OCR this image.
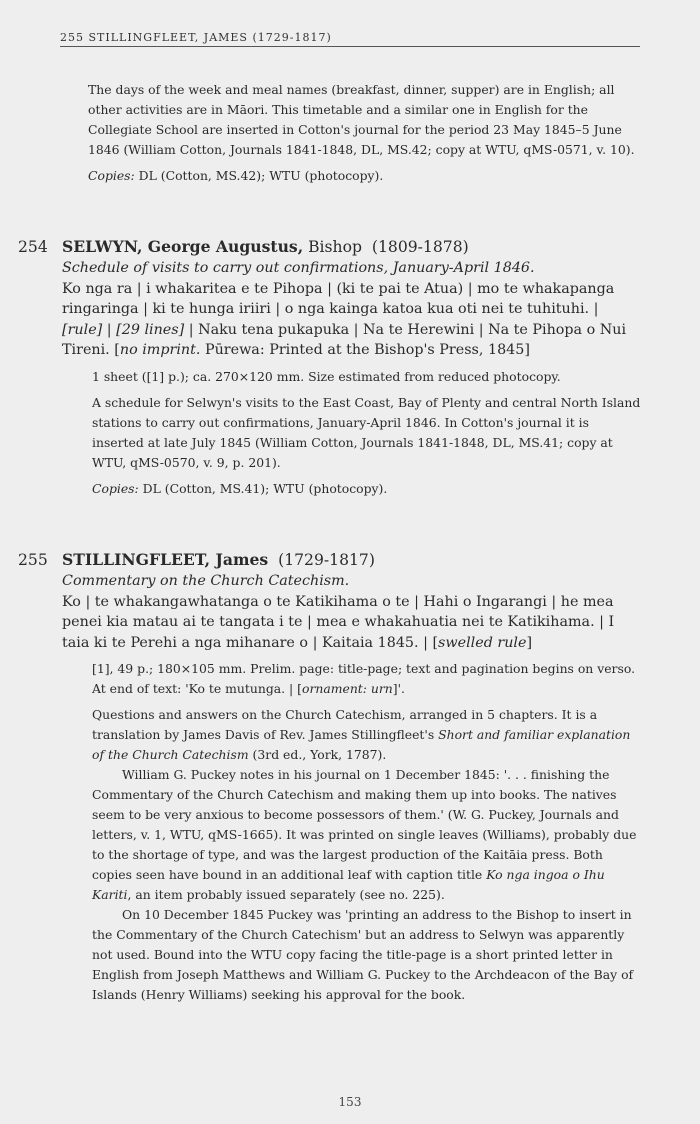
255 STILLINGFLEET, JAMES (1729-1817)

The days of the week and meal names (breakfast, dinner, supper) are in English; all other activities are in Māori. This timetable and a similar one in English for the Collegiate School are inserted in Cotton's journal for the period 23 May 1845–5 June 1846 (William Cotton, Journals 1841-1848, DL, MS.42; copy at WTU, qMS-0571, v. 10).

Copies: DL (Cotton, MS.42); WTU (photocopy).

254 SELWYN, George Augustus, Bishop (1809-1878)

Schedule of visits to carry out confirmations, January-April 1846.

Ko nga ra | i whakaritea e te Pihopa | (ki te pai te Atua) | mo te whakapanga ringaringa | ki te hunga iriiri | o nga kainga katoa kua oti nei te tuhituhi. | [rule] | [29 lines] | Naku tena pukapuka | Na te Herewini | Na te Pihopa o Nui Tireni. [no imprint. Pūrewa: Printed at the Bishop's Press, 1845]

1 sheet ([1] p.); ca. 270×120 mm. Size estimated from reduced photocopy.

A schedule for Selwyn's visits to the East Coast, Bay of Plenty and central North Island stations to carry out confirmations, January-April 1846. In Cotton's journal it is inserted at late July 1845 (William Cotton, Journals 1841-1848, DL, MS.41; copy at WTU, qMS-0570, v. 9, p. 201).

Copies: DL (Cotton, MS.41); WTU (photocopy).

255 STILLINGFLEET, James (1729-1817)

Commentary on the Church Catechism.

Ko | te whakangawhatanga o te Katikihama o te | Hahi o Ingarangi | he mea penei kia matau ai te tangata i te | mea e whakahuatia nei te Katikihama. | I taia ki te Perehi a nga mihanare o | Kaitaia 1845. | [swelled rule]

[1], 49 p.; 180×105 mm. Prelim. page: title-page; text and pagination begins on verso. At end of text: 'Ko te mutunga. | [ornament: urn]'.

Questions and answers on the Church Catechism, arranged in 5 chapters. It is a translation by James Davis of Rev. James Stillingfleet's Short and familiar explanation of the Church Catechism (3rd ed., York, 1787).

William G. Puckey notes in his journal on 1 December 1845: '. . . finishing the Commentary of the Church Catechism and making them up into books. The natives seem to be very anxious to become possessors of them.' (W. G. Puckey, Journals and letters, v. 1, WTU, qMS-1665). It was printed on single leaves (Williams), probably due to the shortage of type, and was the largest production of the Kaitāia press. Both copies seen have bound in an additional leaf with caption title Ko nga ingoa o Ihu Kariti, an item probably issued separately (see no. 225).

On 10 December 1845 Puckey was 'printing an address to the Bishop to insert in the Commentary of the Church Catechism' but an address to Selwyn was apparently not used. Bound into the WTU copy facing the title-page is a short printed letter in English from Joseph Matthews and William G. Puckey to the Archdeacon of the Bay of Islands (Henry Williams) seeking his approval for the book.

153
